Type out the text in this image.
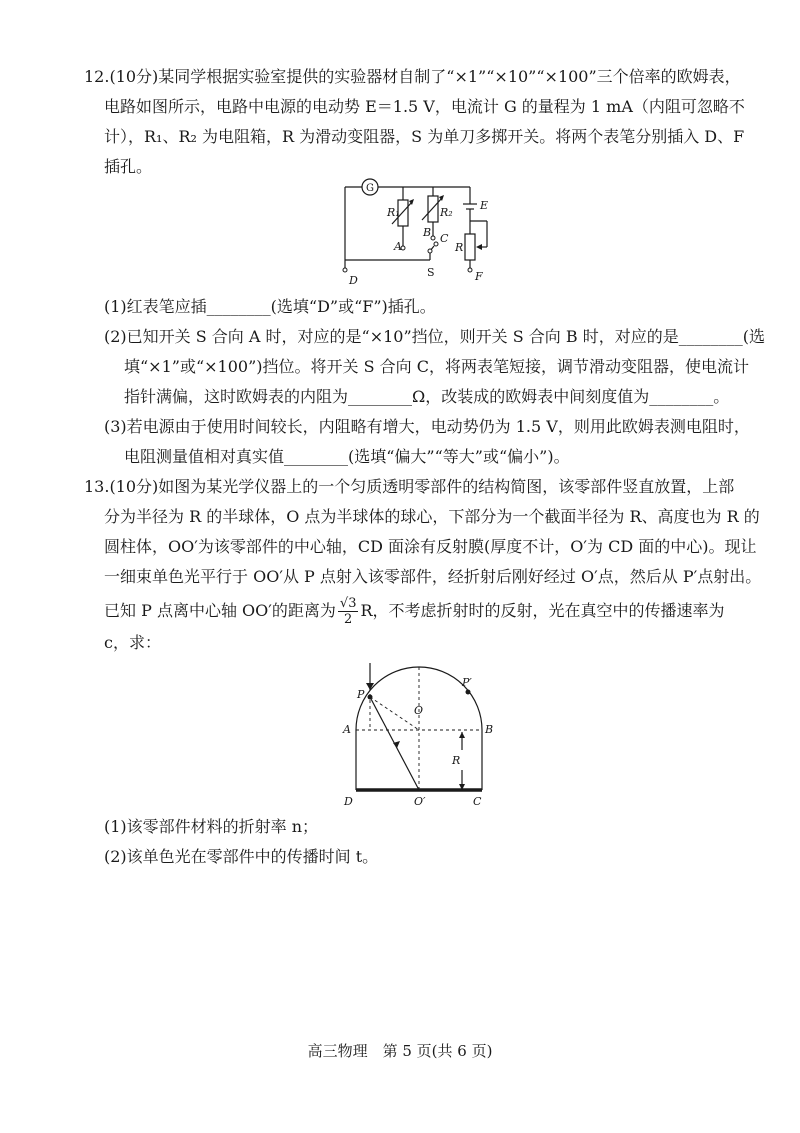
12.(10分)某同学根据实验室提供的实验器材自制了“×1”“×10”“×100”三个倍率的欧姆表，
电路如图所示，电路中电源的电动势 E＝1.5 V，电流计 G 的量程为 1 mA（内阻可忽略不
计），R₁、R₂ 为电阻箱，R 为滑动变阻器，S 为单刀多掷开关。将两个表笔分别插入 D、F
插孔。
G
R₁	R₂
E
R
A
B C
S
D	F
(1)红表笔应插________(选填“D”或“F”)插孔。
(2)已知开关 S 合向 A 时，对应的是“×10”挡位，则开关 S 合向 B 时，对应的是________(选
填“×1”或“×100”)挡位。将开关 S 合向 C，将两表笔短接，调节滑动变阻器，使电流计
指针满偏，这时欧姆表的内阻为________Ω，改装成的欧姆表中间刻度值为________。
(3)若电源由于使用时间较长，内阻略有增大，电动势仍为 1.5 V，则用此欧姆表测电阻时，
电阻测量值相对真实值________(选填“偏大”“等大”或“偏小”)。
13.(10分)如图为某光学仪器上的一个匀质透明零部件的结构简图，该零部件竖直放置，上部
分为半径为 R 的半球体，O 点为半球体的球心，下部分为一个截面半径为 R、高度也为 R 的
圆柱体，OO′为该零部件的中心轴，CD 面涂有反射膜(厚度不计，O′为 CD 面的中心)。现让
一细束单色光平行于 OO′从 P 点射入该零部件，经折射后刚好经过 O′点，然后从 P′点射出。
已知 P 点离中心轴 OO′的距离为 $\frac{√3}{2}$ R，不考虑折射时的反射，光在真空中的传播速率为
c，求：
P
P′
O
A	B
R
D	O′	C
(1)该零部件材料的折射率 n；
(2)该单色光在零部件中的传播时间 t。
高三物理　第 5 页(共 6 页)
